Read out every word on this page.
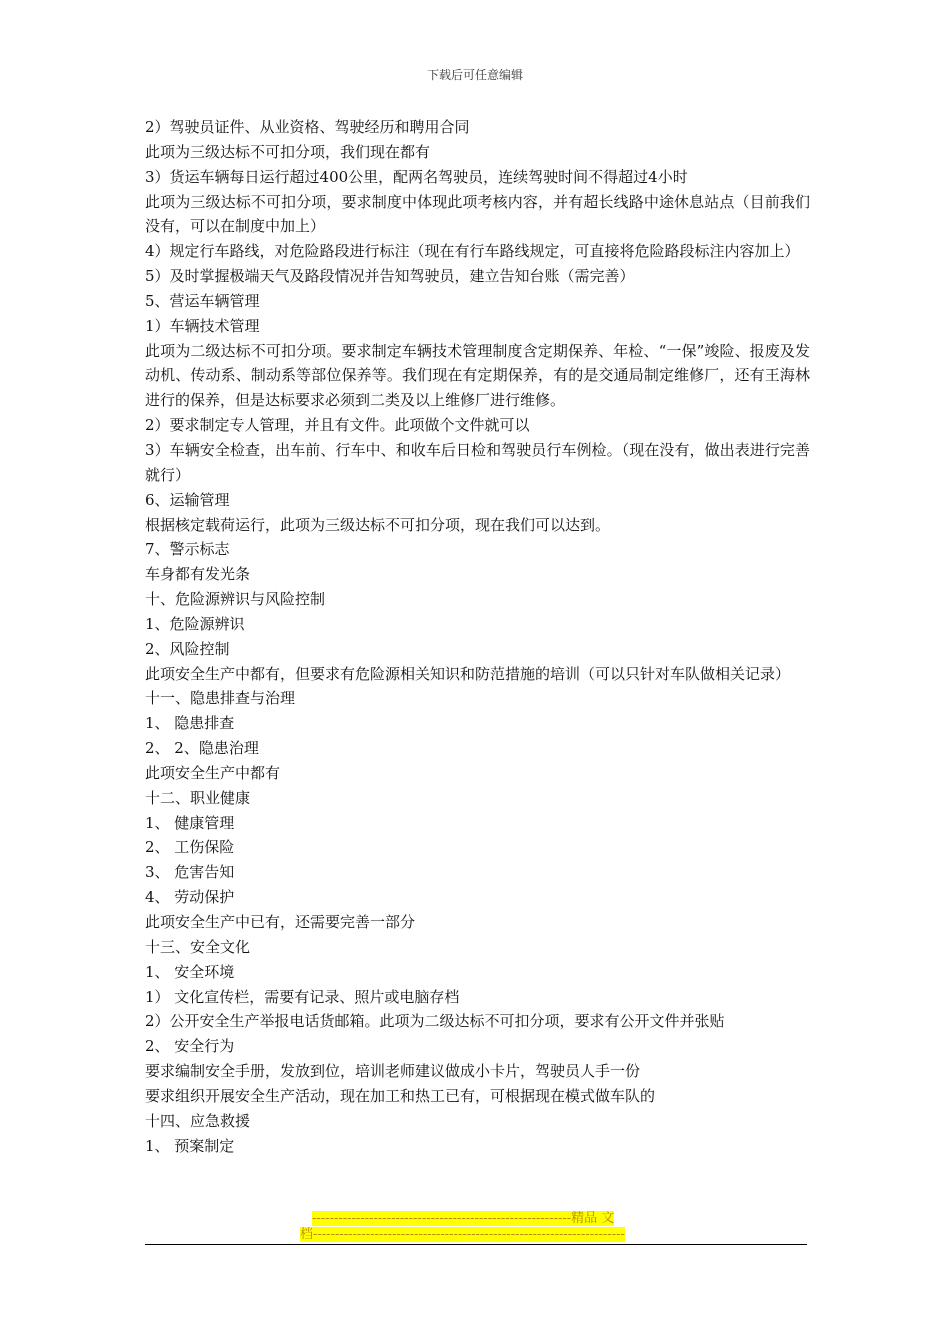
下载后可任意编辑

2）驾驶员证件、从业资格、驾驶经历和聘用合同

此项为三级达标不可扣分项，我们现在都有

3）货运车辆每日运行超过400公里，配两名驾驶员，连续驾驶时间不得超过4小时

此项为三级达标不可扣分项，要求制度中体现此项考核内容，并有超长线路中途休息站点（目前我们没有，可以在制度中加上）

4）规定行车路线，对危险路段进行标注（现在有行车路线规定，可直接将危险路段标注内容加上）

5）及时掌握极端天气及路段情况并告知驾驶员，建立告知台账（需完善）

5、营运车辆管理

1）车辆技术管理

此项为二级达标不可扣分项。要求制定车辆技术管理制度含定期保养、年检、“一保”竣险、报废及发动机、传动系、制动系等部位保养等。我们现在有定期保养，有的是交通局制定维修厂，还有王海林进行的保养，但是达标要求必须到二类及以上维修厂进行维修。

2）要求制定专人管理，并且有文件。此项做个文件就可以

3）车辆安全检查，出车前、行车中、和收车后日检和驾驶员行车例检。（现在没有，做出表进行完善就行）

6、运输管理

根据核定载荷运行，此项为三级达标不可扣分项，现在我们可以达到。

7、警示标志

车身都有发光条

十、危险源辨识与风险控制

1、危险源辨识

2、风险控制

此项安全生产中都有，但要求有危险源相关知识和防范措施的培训（可以只针对车队做相关记录）

十一、隐患排查与治理

1、 隐患排查

2、 2、隐患治理

此项安全生产中都有

十二、职业健康

1、 健康管理

2、 工伤保险

3、 危害告知

4、 劳动保护

此项安全生产中已有，还需要完善一部分

十三、安全文化

1、 安全环境

1） 文化宣传栏，需要有记录、照片或电脑存档

2）公开安全生产举报电话货邮箱。此项为二级达标不可扣分项，要求有公开文件并张贴

2、 安全行为

要求编制安全手册，发放到位，培训老师建议做成小卡片，驾驶员人手一份

要求组织开展安全生产活动，现在加工和热工已有，可根据现在模式做车队的

十四、应急救援

1、 预案制定

-----------------------------------------------------------精品 文

档-----------------------------------------------------------------------
